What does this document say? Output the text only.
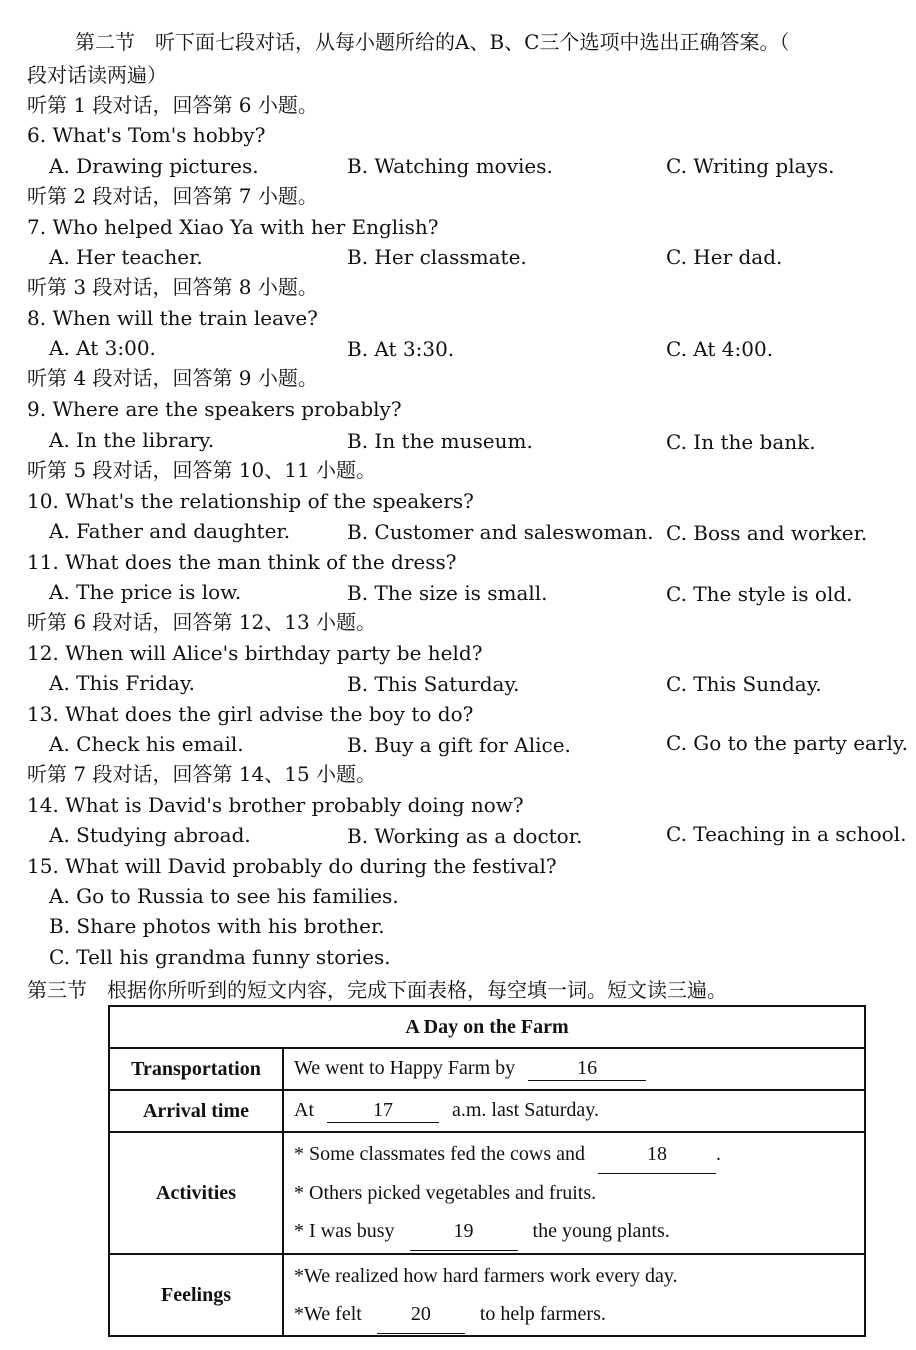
第二节　听下面七段对话，从每小题所给的A、B、C三个选项中选出正确答案。（
段对话读两遍）
听第 1 段对话，回答第 6 小题。
6. What's Tom's hobby?
A. Drawing pictures.	B. Watching movies.	C. Writing plays.
听第 2 段对话，回答第 7 小题。
7. Who helped Xiao Ya with her English?
A. Her teacher.	B. Her classmate.	C. Her dad.
听第 3 段对话，回答第 8 小题。
8. When will the train leave?
A. At 3:00.	B. At 3:30.	C. At 4:00.
听第 4 段对话，回答第 9 小题。
9. Where are the speakers probably?
A. In the library.	B. In the museum.	C. In the bank.
听第 5 段对话，回答第 10、11 小题。
10. What's the relationship of the speakers?
A. Father and daughter.	B. Customer and saleswoman. C. Boss and worker.
11. What does the man think of the dress?
A. The price is low.	B. The size is small.	C. The style is old.
听第 6 段对话，回答第 12、13 小题。
12. When will Alice's birthday party be held?
A. This Friday.	B. This Saturday.	C. This Sunday.
13. What does the girl advise the boy to do?
A. Check his email.	B. Buy a gift for Alice.	C. Go to the party early.
听第 7 段对话，回答第 14、15 小题。
14. What is David's brother probably doing now?
A. Studying abroad.	B. Working as a doctor.	C. Teaching in a school.
15. What will David probably do during the festival?
A. Go to Russia to see his families.
B. Share photos with his brother.
C. Tell his grandma funny stories.
第三节　根据你所听到的短文内容，完成下面表格，每空填一词。短文读三遍。
A Day on the Farm	
Transportation	We went to Happy Farm by 16
Arrival time	At 17 a.m. last Saturday.
Activities	* Some classmates fed the cows and 18 .
* Others picked vegetables and fruits.
* I was busy 19 the young plants.

Feelings	*We realized how hard farmers work every day.
*We felt 20 to help farmers.
